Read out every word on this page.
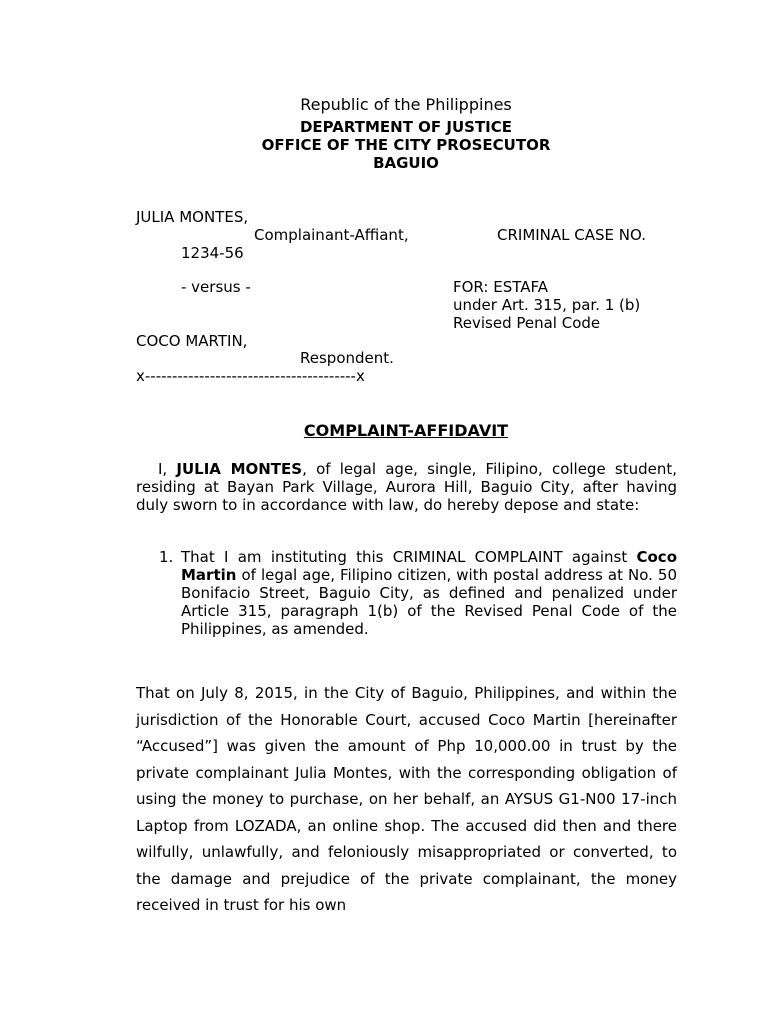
Republic of the Philippines
DEPARTMENT OF JUSTICE
OFFICE OF THE CITY PROSECUTOR
BAGUIO
JULIA MONTES,
Complainant-Affiant,	CRIMINAL CASE NO.
1234-56
- versus -	FOR: ESTAFA
under Art. 315, par. 1 (b)
Revised Penal Code
COCO MARTIN,
Respondent.
x---------------------------------------x
COMPLAINT-AFFIDAVIT
I, JULIA MONTES, of legal age, single, Filipino, college student, residing at Bayan Park Village, Aurora Hill, Baguio City, after having duly sworn to in accordance with law, do hereby depose and state:
1. That I am instituting this CRIMINAL COMPLAINT against Coco Martin of legal age, Filipino citizen, with postal address at No. 50 Bonifacio Street, Baguio City, as defined and penalized under Article 315, paragraph 1(b) of the Revised Penal Code of the Philippines, as amended.
That on July 8, 2015, in the City of Baguio, Philippines, and within the jurisdiction of the Honorable Court, accused Coco Martin [hereinafter “Accused”] was given the amount of Php 10,000.00 in trust by the private complainant Julia Montes, with the corresponding obligation of using the money to purchase, on her behalf, an AYSUS G1-N00 17-inch Laptop from LOZADA, an online shop. The accused did then and there wilfully, unlawfully, and feloniously misappropriated or converted, to the damage and prejudice of the private complainant, the money received in trust for his own
